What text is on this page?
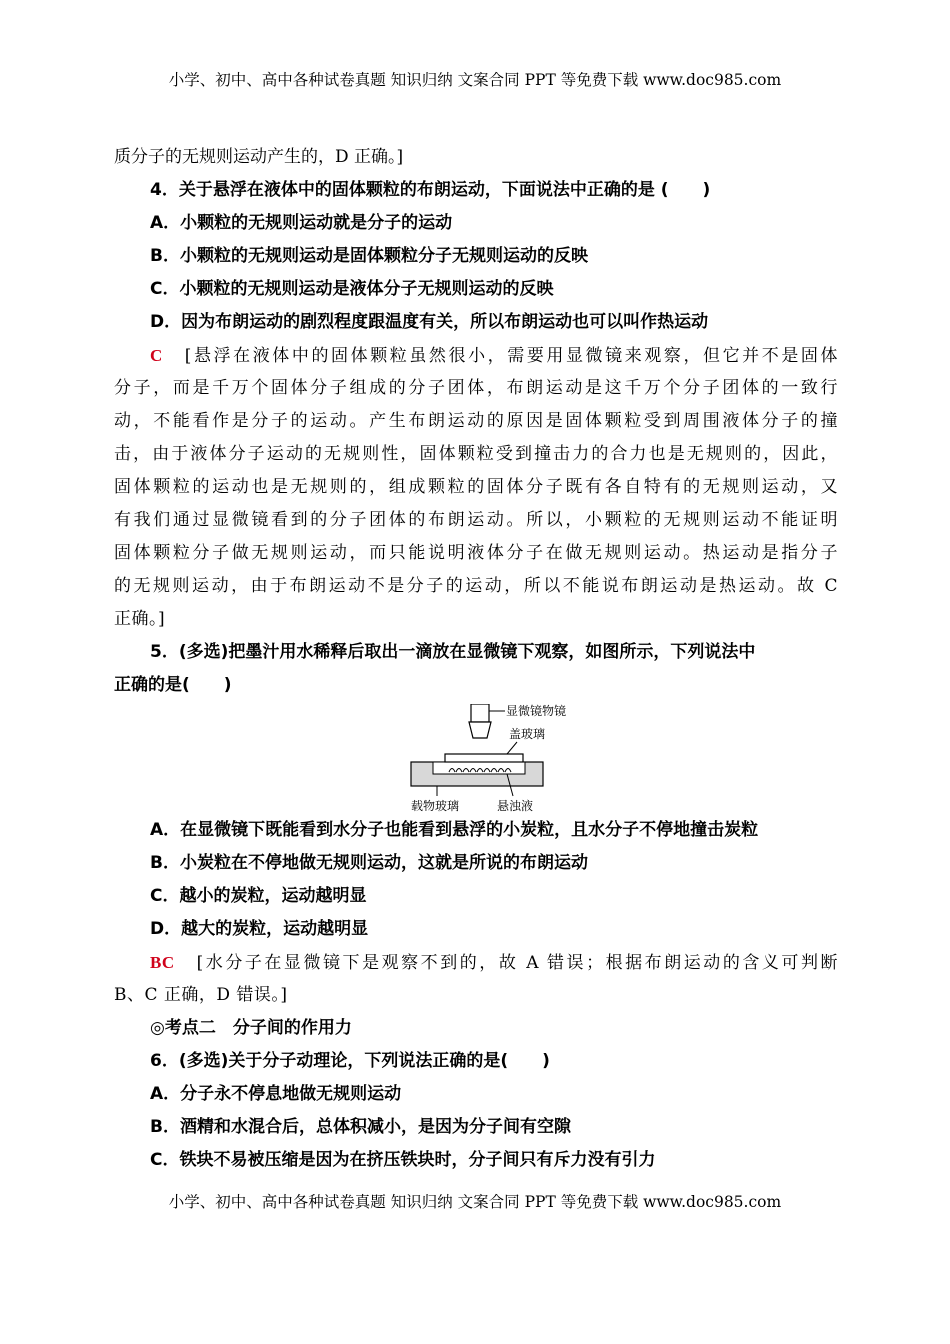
小学、初中、高中各种试卷真题 知识归纳 文案合同 PPT 等免费下载 www.doc985.com
质分子的无规则运动产生的，D 正确。]
4．关于悬浮在液体中的固体颗粒的布朗运动，下面说法中正确的是 (　　)
A．小颗粒的无规则运动就是分子的运动
B．小颗粒的无规则运动是固体颗粒分子无规则运动的反映
C．小颗粒的无规则运动是液体分子无规则运动的反映
D．因为布朗运动的剧烈程度跟温度有关，所以布朗运动也可以叫作热运动
C [悬浮在液体中的固体颗粒虽然很小，需要用显微镜来观察，但它并不是固体
分子，而是千万个固体分子组成的分子团体，布朗运动是这千万个分子团体的一致行
动，不能看作是分子的运动。产生布朗运动的原因是固体颗粒受到周围液体分子的撞
击，由于液体分子运动的无规则性，固体颗粒受到撞击力的合力也是无规则的，因此，
固体颗粒的运动也是无规则的，组成颗粒的固体分子既有各自特有的无规则运动，又
有我们通过显微镜看到的分子团体的布朗运动。所以，小颗粒的无规则运动不能证明
固体颗粒分子做无规则运动，而只能说明液体分子在做无规则运动。热运动是指分子
的无规则运动，由于布朗运动不是分子的运动，所以不能说布朗运动是热运动。故 C
正确。]
5．(多选)把墨汁用水稀释后取出一滴放在显微镜下观察，如图所示，下列说法中
正确的是(　　)
显微镜物镜
盖玻璃
载物玻璃	悬浊液
A．在显微镜下既能看到水分子也能看到悬浮的小炭粒，且水分子不停地撞击炭粒
B．小炭粒在不停地做无规则运动，这就是所说的布朗运动
C．越小的炭粒，运动越明显
D．越大的炭粒，运动越明显
BC [水分子在显微镜下是观察不到的，故 A 错误；根据布朗运动的含义可判断
B、C 正确，D 错误。]
◎考点二　分子间的作用力
6．(多选)关于分子动理论，下列说法正确的是(　　)
A．分子永不停息地做无规则运动
B．酒精和水混合后，总体积减小，是因为分子间有空隙
C．铁块不易被压缩是因为在挤压铁块时，分子间只有斥力没有引力
小学、初中、高中各种试卷真题 知识归纳 文案合同 PPT 等免费下载 www.doc985.com
